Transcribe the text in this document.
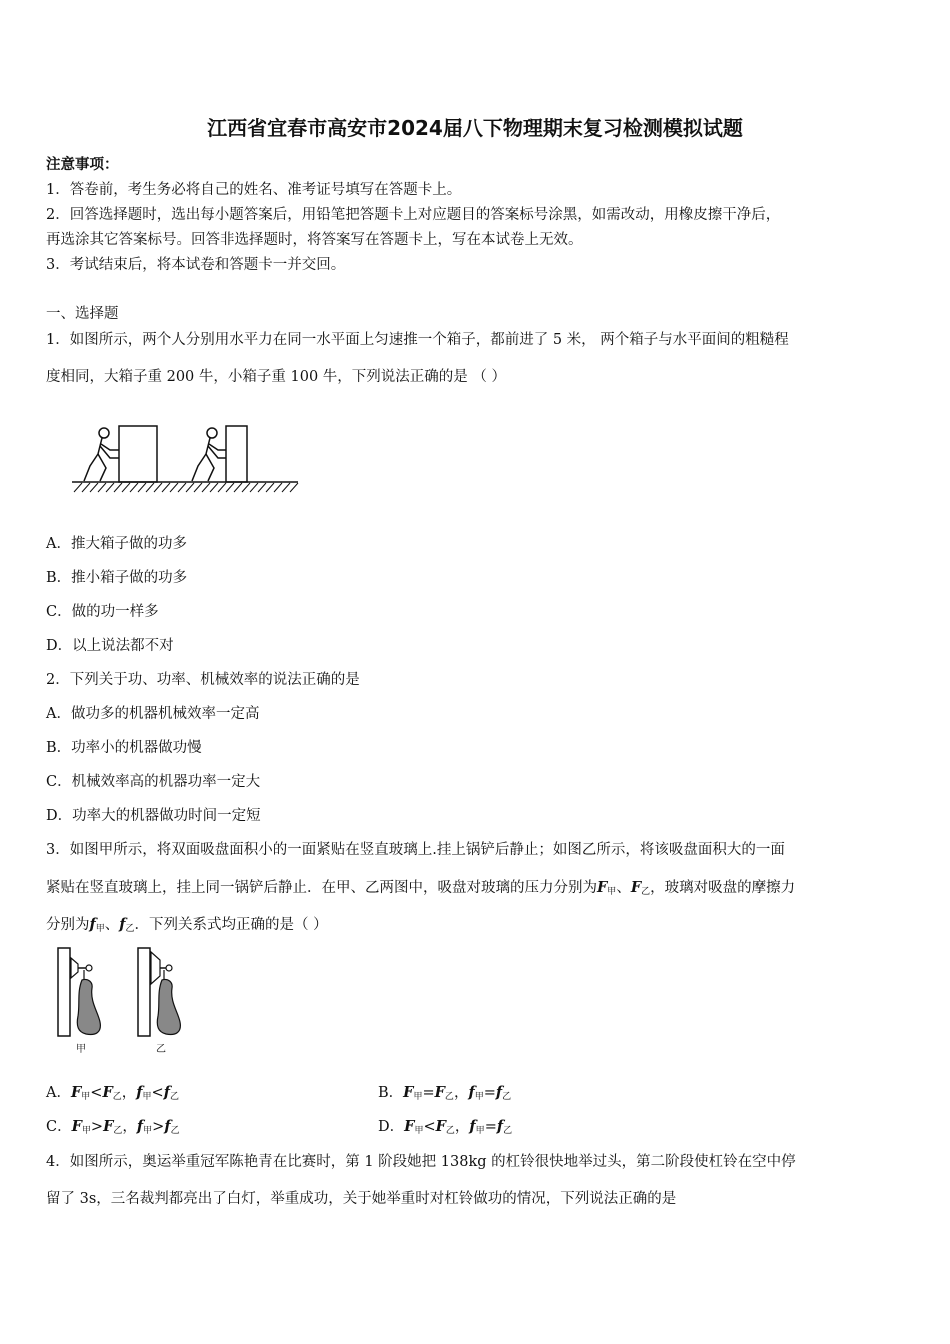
江西省宜春市高安市2024届八下物理期末复习检测模拟试题
注意事项：
1．答卷前，考生务必将自己的姓名、准考证号填写在答题卡上。
2．回答选择题时，选出每小题答案后，用铅笔把答题卡上对应题目的答案标号涂黑，如需改动，用橡皮擦干净后，
再选涂其它答案标号。回答非选择题时，将答案写在答题卡上，写在本试卷上无效。
3．考试结束后，将本试卷和答题卡一并交回。
一、选择题
1．如图所示，两个人分别用水平力在同一水平面上匀速推一个箱子，都前进了 5 米， 两个箱子与水平面间的粗糙程
度相同，大箱子重 200 牛，小箱子重 100 牛，下列说法正确的是 （ ）
A．推大箱子做的功多
B．推小箱子做的功多
C．做的功一样多
D．以上说法都不对
2．下列关于功、功率、机械效率的说法正确的是
A．做功多的机器机械效率一定高
B．功率小的机器做功慢
C．机械效率高的机器功率一定大
D．功率大的机器做功时间一定短
3．如图甲所示，将双面吸盘面积小的一面紧贴在竖直玻璃上.挂上锅铲后静止；如图乙所示，将该吸盘面积大的一面
紧贴在竖直玻璃上，挂上同一锅铲后静止．在甲、乙两图中，吸盘对玻璃的压力分别为$F_甲$、$F_乙$，玻璃对吸盘的摩擦力
分别为$f_甲$、$f_乙$．下列关系式均正确的是（ ）
甲	乙
A．$F_甲<F_乙$，$f_甲<f_乙$	B．$F_甲=F_乙$，$f_甲=f_乙$
C．$F_甲>F_乙$，$f_甲>f_乙$	D．$F_甲<F_乙$，$f_甲=f_乙$
4．如图所示，奥运举重冠军陈艳青在比赛时，第 1 阶段她把 138kg 的杠铃很快地举过头，第二阶段使杠铃在空中停
留了 3s，三名裁判都亮出了白灯，举重成功，关于她举重时对杠铃做功的情况，下列说法正确的是
